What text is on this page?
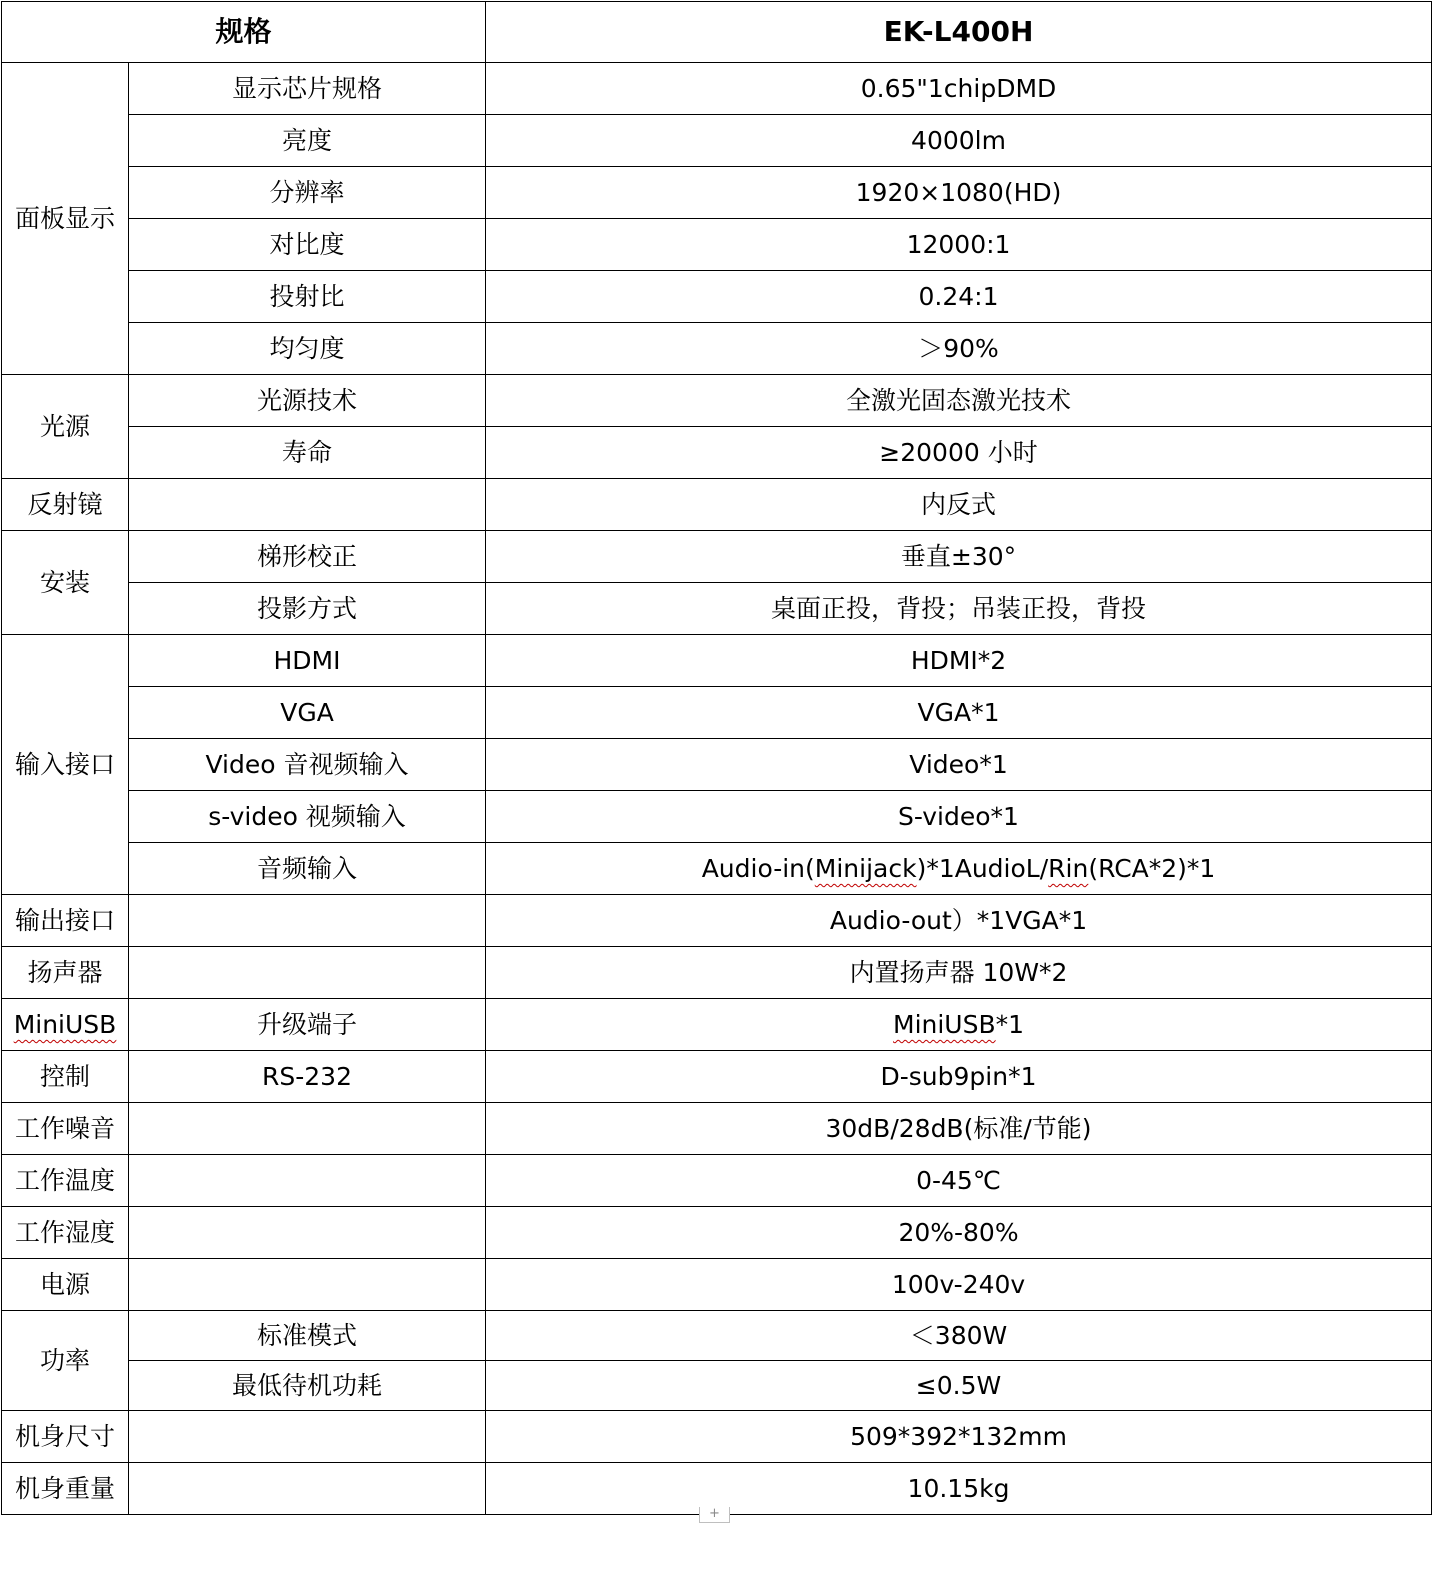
规格		EK-L400H
面板显示	显示芯片规格	0.65"1chipDMD
	亮度	4000lm
	分辨率	1920×1080(HD)
	对比度	12000:1
	投射比	0.24:1
	均匀度	＞90%
光源	光源技术	全激光固态激光技术
	寿命	≥20000 小时
反射镜		内反式
安装	梯形校正	垂直±30°
	投影方式	桌面正投，背投；吊装正投，背投
输入接口	HDMI	HDMI*2
	VGA	VGA*1
	Video 音视频输入	Video*1
	s-video 视频输入	S-video*1
	音频输入	Audio-in(Minijack)*1AudioL/Rin(RCA*2)*1
输出接口		Audio-out）*1VGA*1
扬声器		内置扬声器 10W*2
MiniUSB	升级端子	MiniUSB*1
控制	RS-232	D-sub9pin*1
工作噪音		30dB/28dB(标准/节能)
工作温度		0-45℃
工作湿度		20%-80%
电源		100v-240v
功率	标准模式	＜380W
	最低待机功耗	≤0.5W
机身尺寸		509*392*132mm
机身重量		10.15kg
+
